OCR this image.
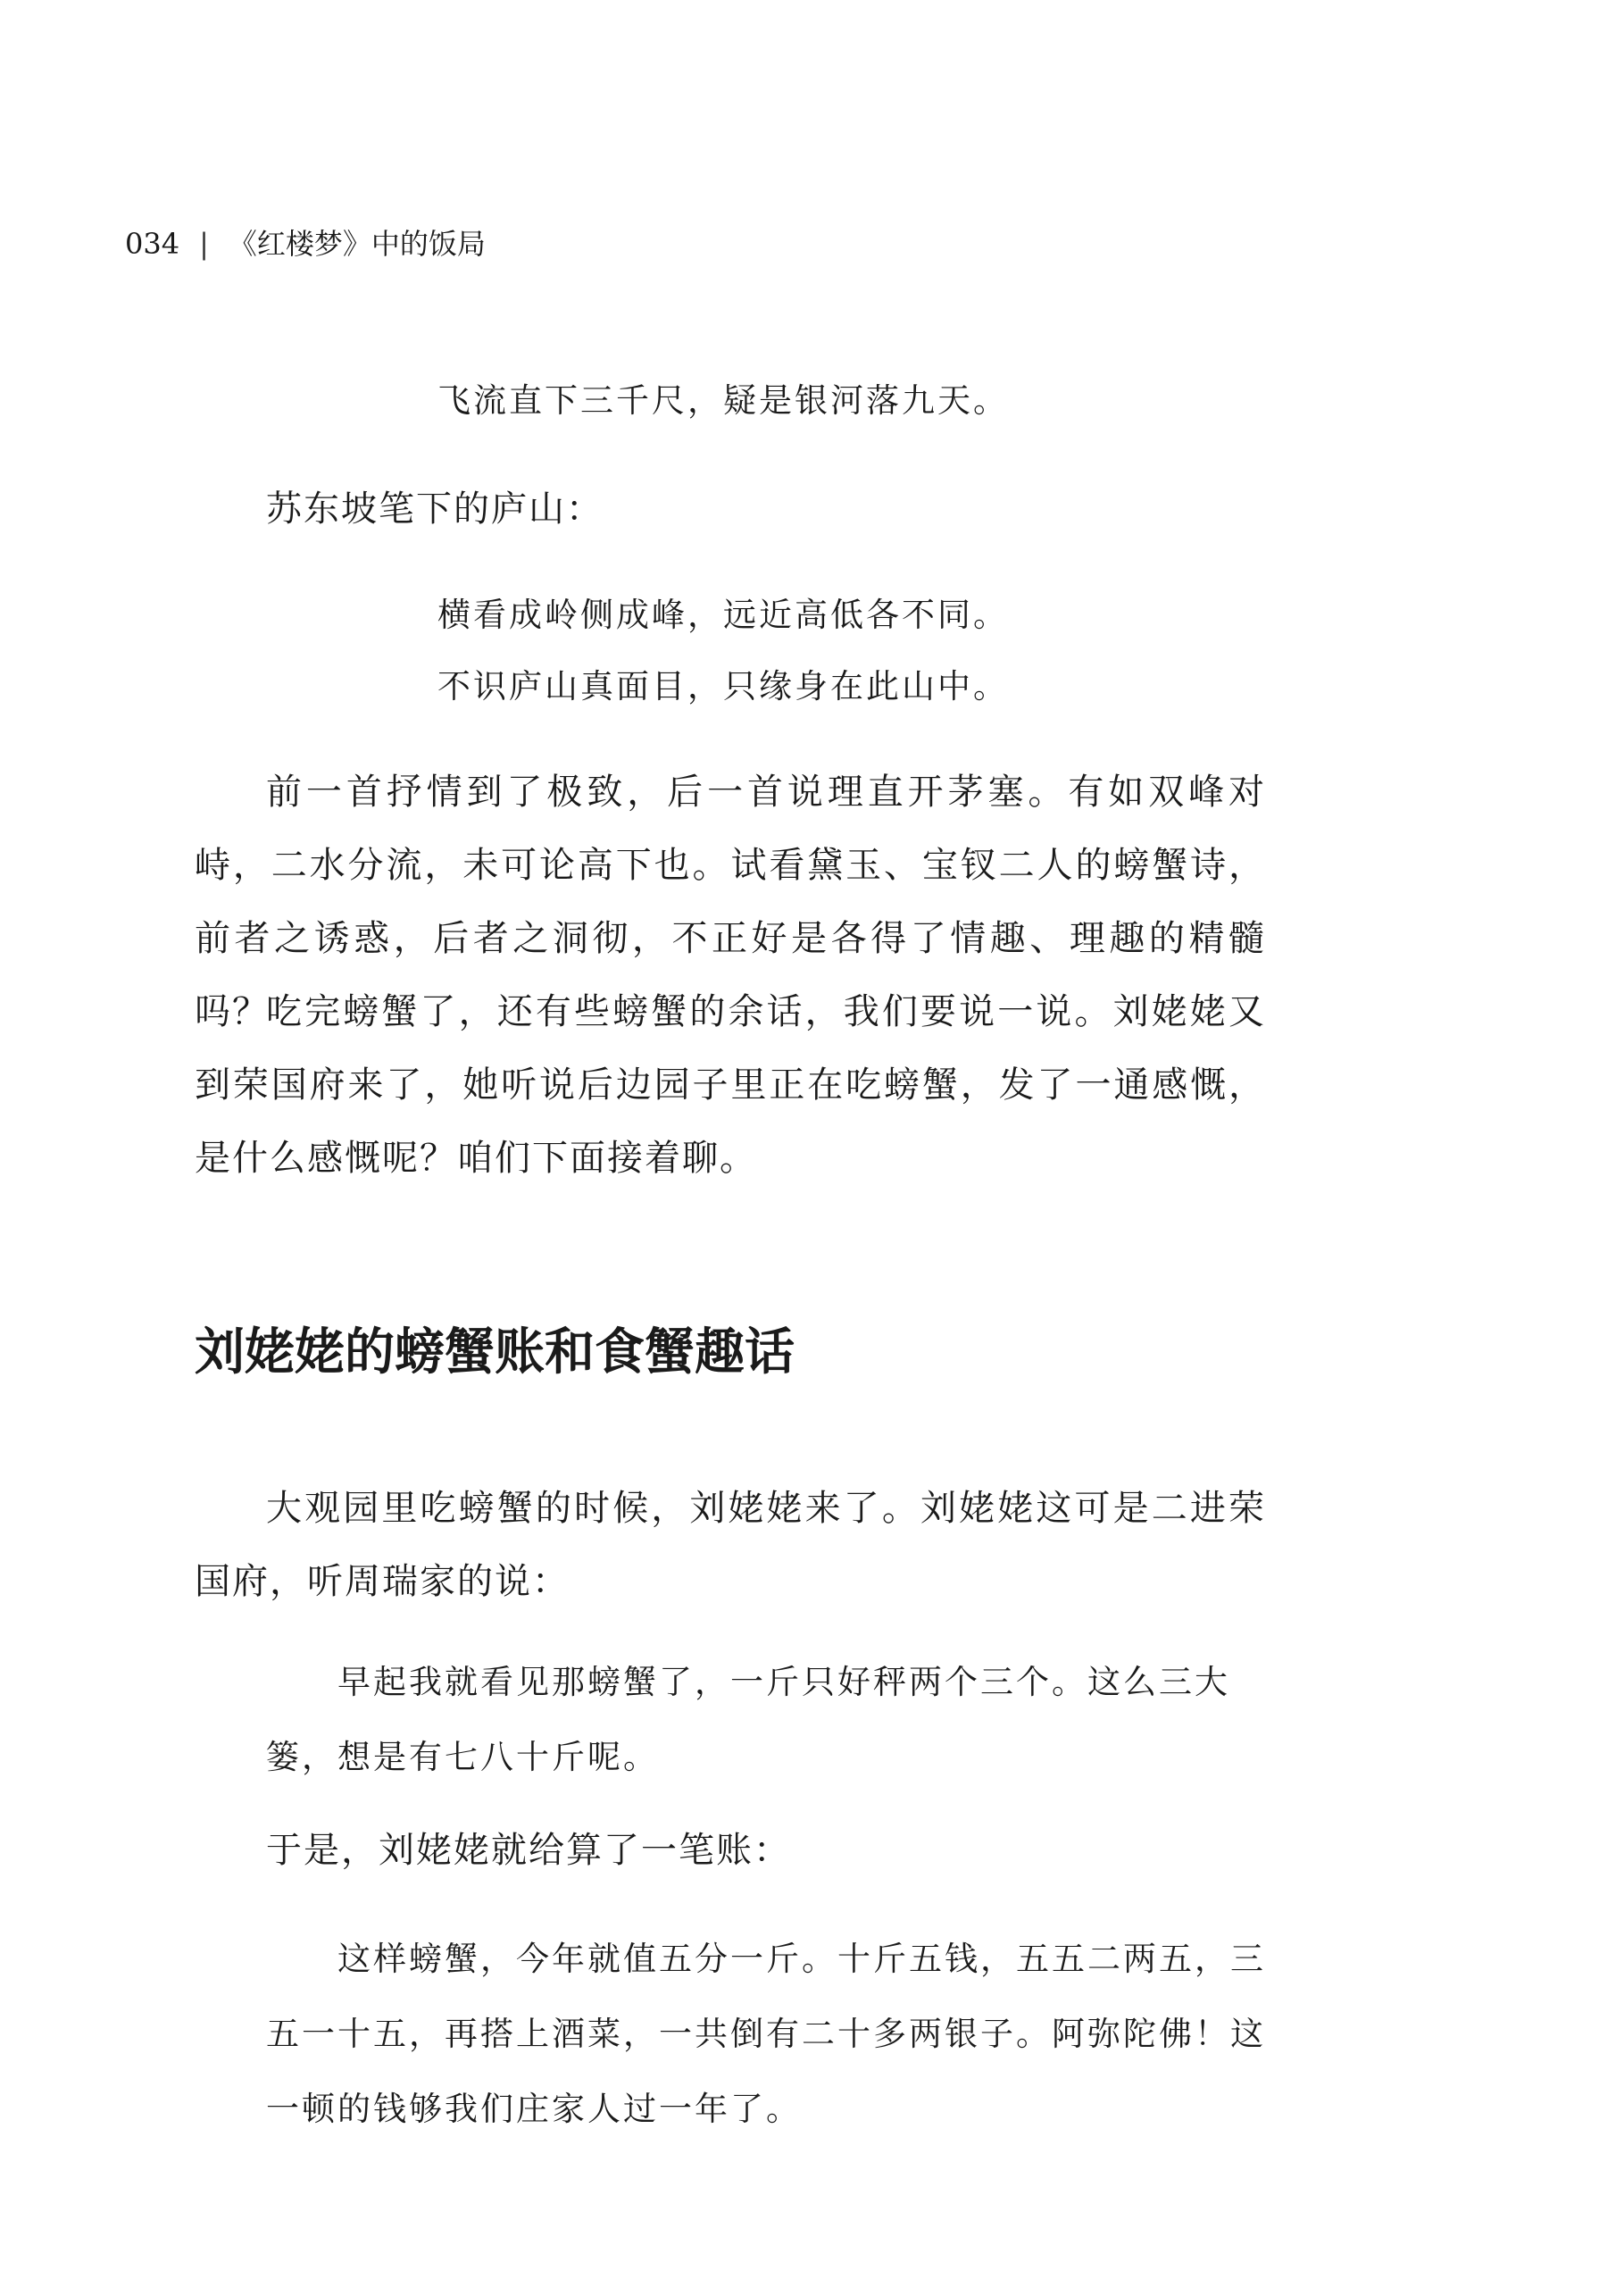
034 | 《红楼梦》中的饭局
飞流直下三千尺，疑是银河落九天。
苏东坡笔下的庐山：
横看成岭侧成峰，远近高低各不同。
不识庐山真面目，只缘身在此山中。
前一首抒情到了极致，后一首说理直开茅塞。有如双峰对峙，二水分流，未可论高下也。试看黛玉、宝钗二人的螃蟹诗，前者之诱惑，后者之洞彻，不正好是各得了情趣、理趣的精髓吗？
吃完螃蟹了，还有些螃蟹的余话，我们要说一说。刘姥姥又到荣国府来了，她听说后边园子里正在吃螃蟹，发了一通感慨，是什么感慨呢？咱们下面接着聊。
刘姥姥的螃蟹账和食蟹趣话
大观园里吃螃蟹的时候，刘姥姥来了。刘姥姥这可是二进荣国府，听周瑞家的说：
早起我就看见那螃蟹了，一斤只好秤两个三个。这么三大篓，想是有七八十斤呢。
于是，刘姥姥就给算了一笔账：
这样螃蟹，今年就值五分一斤。十斤五钱，五五二两五，三五一十五，再搭上酒菜，一共倒有二十多两银子。阿弥陀佛！这一顿的钱够我们庄家人过一年了。
